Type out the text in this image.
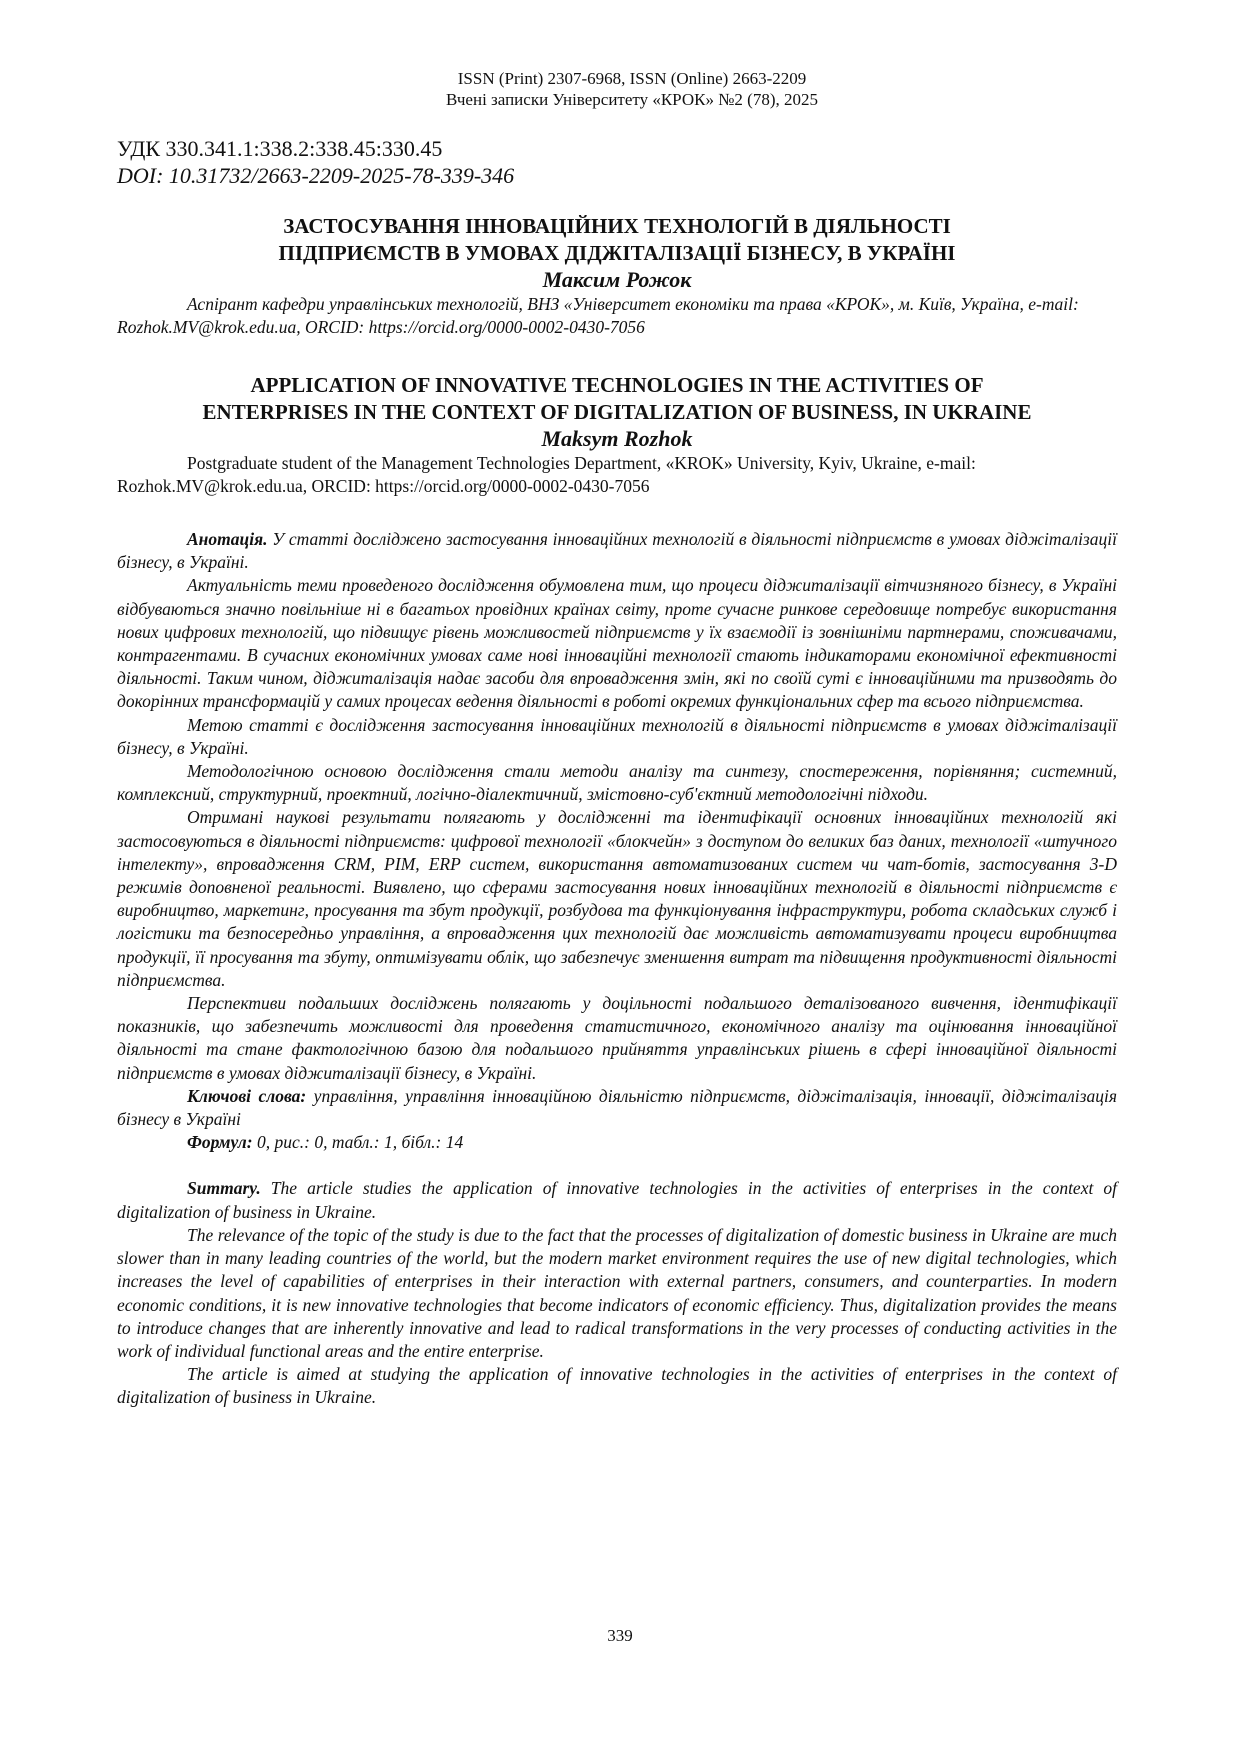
ISSN (Print) 2307-6968, ISSN (Online) 2663-2209
Вчені записки Університету «КРОК» №2 (78), 2025
УДК 330.341.1:338.2:338.45:330.45
DOI: 10.31732/2663-2209-2025-78-339-346
ЗАСТОСУВАННЯ ІННОВАЦІЙНИХ ТЕХНОЛОГІЙ В ДІЯЛЬНОСТІ
ПІДПРИЄМСТВ В УМОВАХ ДІДЖІТАЛІЗАЦІЇ БІЗНЕСУ, В УКРАЇНІ
Максим Рожок
Аспірант кафедри управлінських технологій, ВНЗ «Університет економіки та права «КРОК», м. Київ, Україна, e-mail: Rozhok.MV@krok.edu.ua, ORCID: https://orcid.org/0000-0002-0430-7056
APPLICATION OF INNOVATIVE TECHNOLOGIES IN THE ACTIVITIES OF
ENTERPRISES IN THE CONTEXT OF DIGITALIZATION OF BUSINESS, IN UKRAINE
Maksym Rozhok
Postgraduate student of the Management Technologies Department, «KROK» University, Kyiv, Ukraine, e-mail: Rozhok.MV@krok.edu.ua, ORCID: https://orcid.org/0000-0002-0430-7056

Анотація. У статті досліджено застосування інноваційних технологій в діяльності підприємств в умовах діджіталізації бізнесу, в Україні.

Актуальність теми проведеного дослідження обумовлена тим, що процеси діджиталізації вітчизняного бізнесу, в Україні відбуваються значно повільніше ні в багатьох провідних країнах світу, проте сучасне ринкове середовище потребує використання нових цифрових технологій, що підвищує рівень можливостей підприємств у їх взаємодії із зовнішніми партнерами, споживачами, контрагентами. В сучасних економічних умовах саме нові інноваційні технології стають індикаторами економічної ефективності діяльності. Таким чином, діджиталізація надає засоби для впровадження змін, які по своїй суті є інноваційними та призводять до докорінних трансформацій у самих процесах ведення діяльності в роботі окремих функціональних сфер та всього підприємства.

Метою статті є дослідження застосування інноваційних технологій в діяльності підприємств в умовах діджіталізації бізнесу, в Україні.

Методологічною основою дослідження стали методи аналізу та синтезу, спостереження, порівняння; системний, комплексний, структурний, проектний, логічно-діалектичний, змістовно-суб'єктний методологічні підходи.

Отримані наукові результати полягають у дослідженні та ідентифікації основних інноваційних технологій які застосовуються в діяльності підприємств: цифрової технології «блокчейн» з доступом до великих баз даних, технології «штучного інтелекту», впровадження CRM, PIM, ERP систем, використання автоматизованих систем чи чат-ботів, застосування 3-D режимів доповненої реальності. Виявлено, що сферами застосування нових інноваційних технологій в діяльності підприємств є виробництво, маркетинг, просування та збут продукції, розбудова та функціонування інфраструктури, робота складських служб і логістики та безпосередньо управління, а впровадження цих технологій дає можливість автоматизувати процеси виробництва продукції, її просування та збуту, оптимізувати облік, що забезпечує зменшення витрат та підвищення продуктивності діяльності підприємства.

Перспективи подальших досліджень полягають у доцільності подальшого деталізованого вивчення, ідентифікації показників, що забезпечить можливості для проведення статистичного, економічного аналізу та оцінювання інноваційної діяльності та стане фактологічною базою для подальшого прийняття управлінських рішень в сфері інноваційної діяльності підприємств в умовах діджиталізації бізнесу, в Україні.

Ключові слова: управління, управління інноваційною діяльністю підприємств, діджіталізація, інновації, діджіталізація бізнесу в Україні

Формул: 0, рис.: 0, табл.: 1, бібл.: 14

Summary. The article studies the application of innovative technologies in the activities of enterprises in the context of digitalization of business in Ukraine.

The relevance of the topic of the study is due to the fact that the processes of digitalization of domestic business in Ukraine are much slower than in many leading countries of the world, but the modern market environment requires the use of new digital technologies, which increases the level of capabilities of enterprises in their interaction with external partners, consumers, and counterparties. In modern economic conditions, it is new innovative technologies that become indicators of economic efficiency. Thus, digitalization provides the means to introduce changes that are inherently innovative and lead to radical transformations in the very processes of conducting activities in the work of individual functional areas and the entire enterprise.

The article is aimed at studying the application of innovative technologies in the activities of enterprises in the context of digitalization of business in Ukraine.

339
